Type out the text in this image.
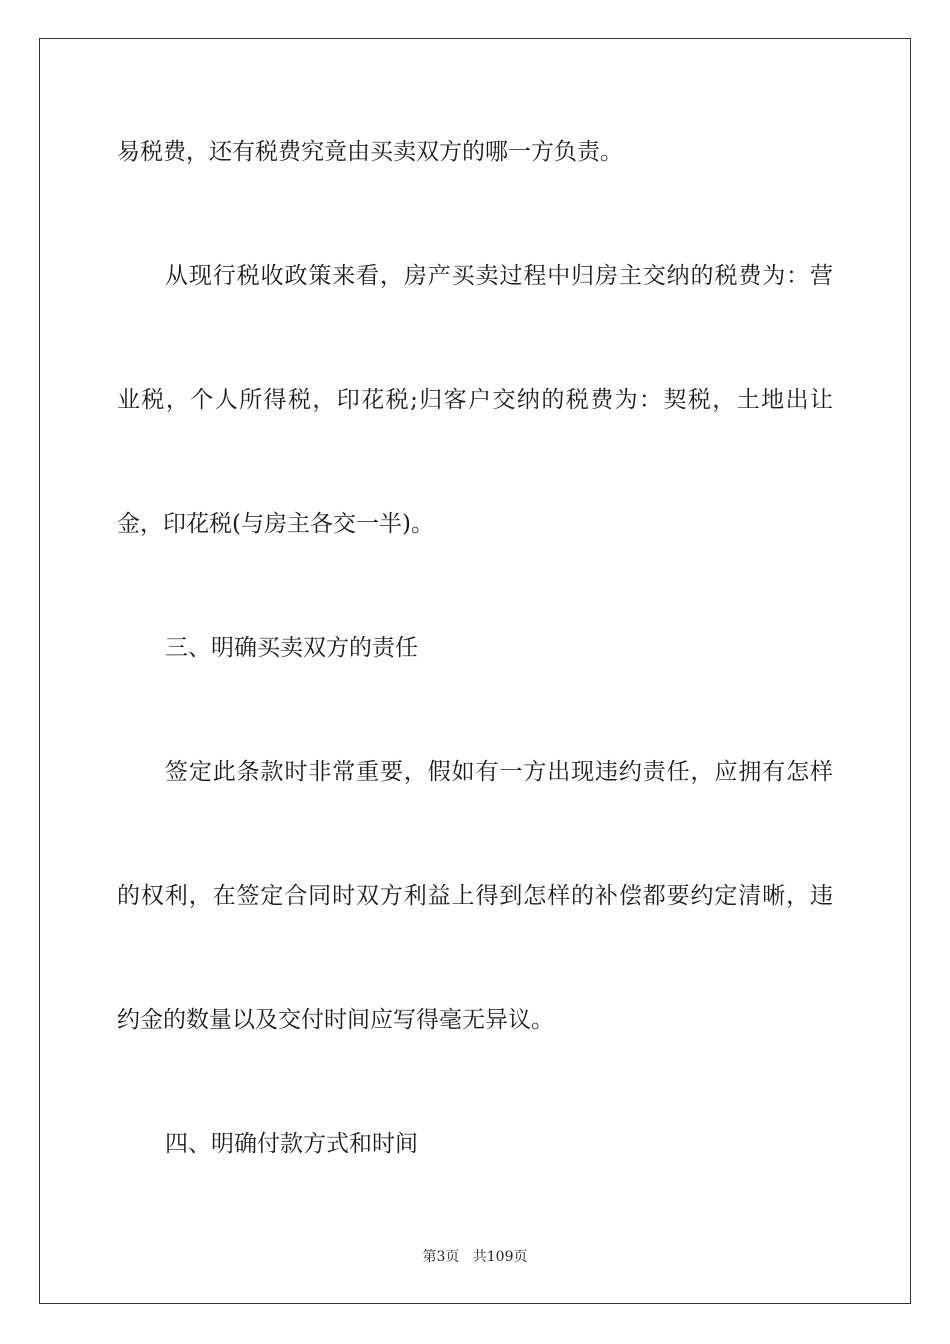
易税费，还有税费究竟由买卖双方的哪一方负责。
从现行税收政策来看，房产买卖过程中归房主交纳的税费为：营
业税，个人所得税，印花税;归客户交纳的税费为：契税，土地出让
金，印花税(与房主各交一半)。
三、明确买卖双方的责任
签定此条款时非常重要，假如有一方出现违约责任，应拥有怎样
的权利，在签定合同时双方利益上得到怎样的补偿都要约定清晰，违
约金的数量以及交付时间应写得毫无异议。
四、明确付款方式和时间
第3页 共109页
